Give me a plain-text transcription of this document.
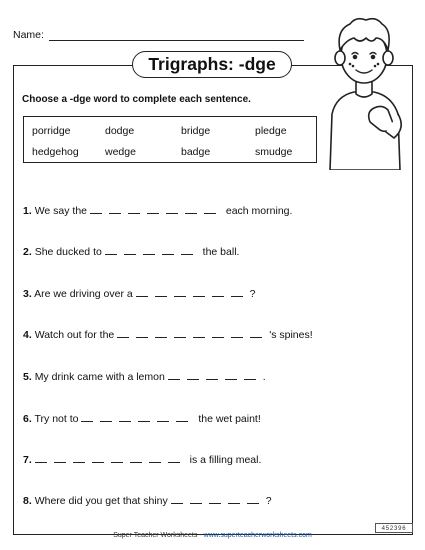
Name:
Trigraphs: -dge
Choose a -dge word to complete each sentence.
porridge	dodge	bridge	pledge
hedgehog	wedge	badge	smudge
1. We say the	each morning.
2. She ducked to	the ball.
3. Are we driving over a	?
4. Watch out for the	's spines!
5. My drink came with a lemon	.
6. Try not to	the wet paint!
7.	is a filling meal.
8. Where did you get that shiny	?
Super Teacher Worksheets - www.superteacherworksheets.com
452396
